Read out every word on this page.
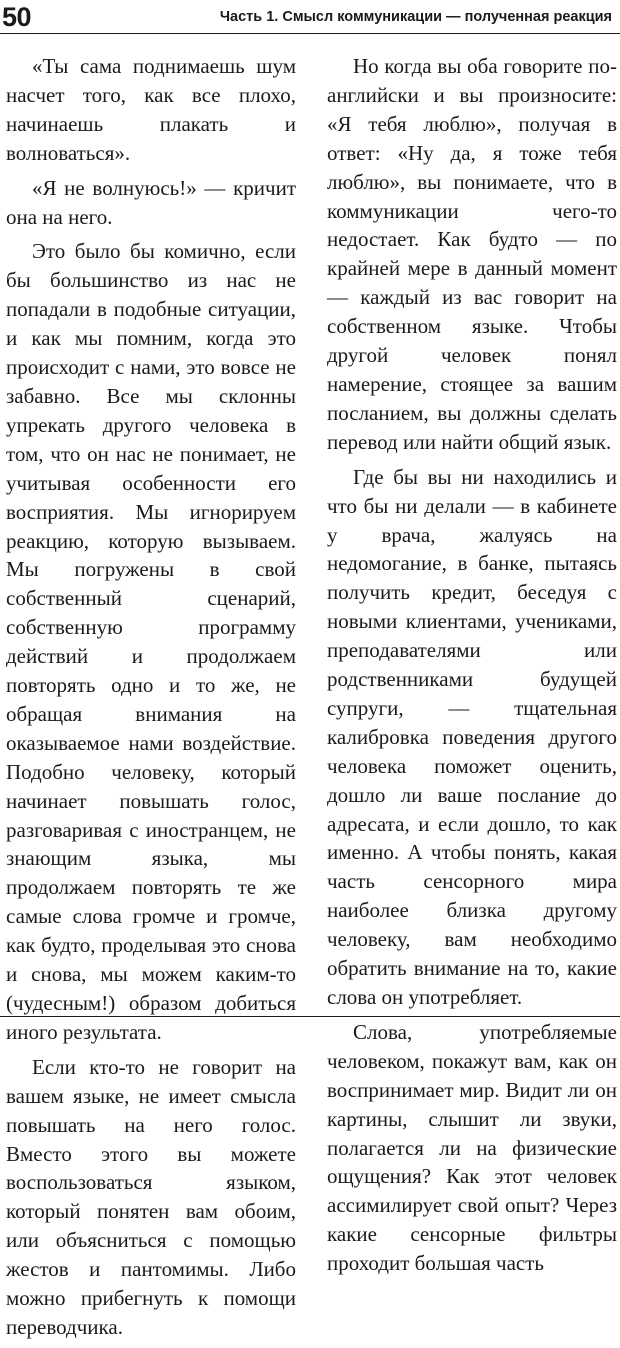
50	Часть 1. Смысл коммуникации — полученная реакция

«Ты сама поднимаешь шум насчет того, как все плохо, начинаешь плакать и волноваться».

«Я не волнуюсь!» — кричит она на него.

Это было бы комично, если бы большинство из нас не попадали в подобные ситуации, и как мы помним, когда это происходит с нами, это вовсе не забавно. Все мы склонны упрекать другого человека в том, что он нас не понимает, не учитывая особенности его восприятия. Мы игнорируем реакцию, которую вызываем. Мы погружены в свой собственный сценарий, собственную программу действий и продолжаем повторять одно и то же, не обращая внимания на оказываемое нами воздействие. Подобно человеку, который начинает повышать голос, разговаривая с иностранцем, не знающим языка, мы продолжаем повторять те же самые слова громче и громче, как будто, проделывая это снова и снова, мы можем каким-то (чудесным!) образом добиться иного результата.

Если кто-то не говорит на вашем языке, не имеет смысла повышать на него голос. Вместо этого вы можете воспользоваться языком, который понятен вам обоим, или объясниться с помощью жестов и пантомимы. Либо можно прибегнуть к помощи переводчика.

Но когда вы оба говорите по-английски и вы произносите: «Я тебя люблю», получая в ответ: «Ну да, я тоже тебя люблю», вы понимаете, что в коммуникации чего-то недостает. Как будто — по крайней мере в данный момент — каждый из вас говорит на собственном языке. Чтобы другой человек понял намерение, стоящее за вашим посланием, вы должны сделать перевод или найти общий язык.

Где бы вы ни находились и что бы ни делали — в кабинете у врача, жалуясь на недомогание, в банке, пытаясь получить кредит, беседуя с новыми клиентами, учениками, преподавателями или родственниками будущей супруги, — тщательная калибровка поведения другого человека поможет оценить, дошло ли ваше послание до адресата, и если дошло, то как именно. А чтобы понять, какая часть сенсорного мира наиболее близка другому человеку, вам необходимо обратить внимание на то, какие слова он употребляет.

Слова, употребляемые человеком, покажут вам, как он воспринимает мир. Видит ли он картины, слышит ли звуки, полагается ли на физические ощущения? Как этот человек ассимилирует свой опыт? Через какие сенсорные фильтры проходит большая часть
